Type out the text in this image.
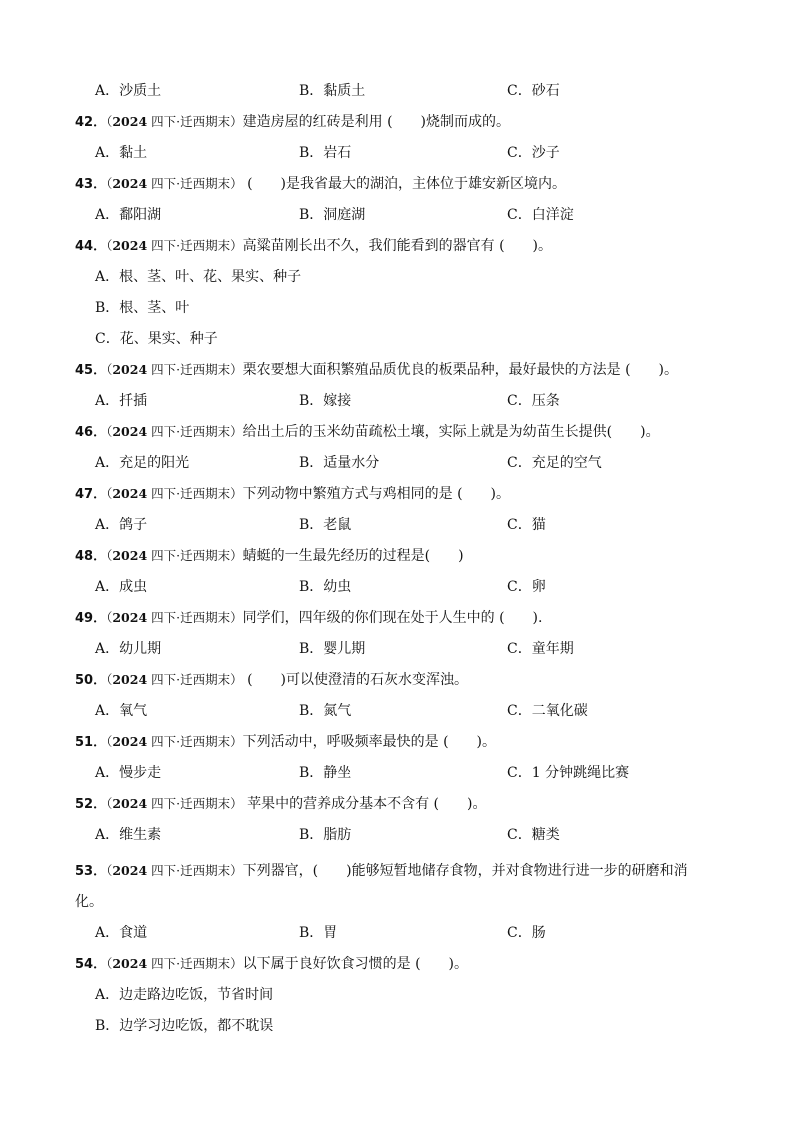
A．沙质土	B．黏质土	C．砂石
42．（2024 四下·迁西期末）建造房屋的红砖是利用 (　　)烧制而成的。
A．黏土	B．岩石	C．沙子
43．（2024 四下·迁西期末） (　　)是我省最大的湖泊，主体位于雄安新区境内。
A．鄱阳湖	B．洞庭湖	C．白洋淀
44．（2024 四下·迁西期末）高粱苗刚长出不久，我们能看到的器官有 (　　)。
A．根、茎、叶、花、果实、种子
B．根、茎、叶
C．花、果实、种子
45．（2024 四下·迁西期末）栗农要想大面积繁殖品质优良的板栗品种，最好最快的方法是 (　　)。
A．扦插	B．嫁接	C．压条
46．（2024 四下·迁西期末）给出土后的玉米幼苗疏松土壤，实际上就是为幼苗生长提供(　　)。
A．充足的阳光	B．适量水分	C．充足的空气
47．（2024 四下·迁西期末）下列动物中繁殖方式与鸡相同的是 (　　)。
A．鸽子	B．老鼠	C．猫
48．（2024 四下·迁西期末）蜻蜓的一生最先经历的过程是(　　)
A．成虫	B．幼虫	C．卵
49．（2024 四下·迁西期末）同学们，四年级的你们现在处于人生中的 (　　).
A．幼儿期	B．婴儿期	C．童年期
50．（2024 四下·迁西期末） (　　)可以使澄清的石灰水变浑浊。
A．氧气	B．氮气	C．二氧化碳
51．（2024 四下·迁西期末）下列活动中，呼吸频率最快的是 (　　)。
A．慢步走	B．静坐	C．1 分钟跳绳比赛
52．（2024 四下·迁西期末） 苹果中的营养成分基本不含有 (　　)。
A．维生素	B．脂肪	C．糖类
53．（2024 四下·迁西期末）下列器官，(　　)能够短暂地储存食物，并对食物进行进一步的研磨和消
化。
A．食道	B．胃	C．肠
54．（2024 四下·迁西期末）以下属于良好饮食习惯的是 (　　)。
A．边走路边吃饭，节省时间
B．边学习边吃饭，都不耽误
